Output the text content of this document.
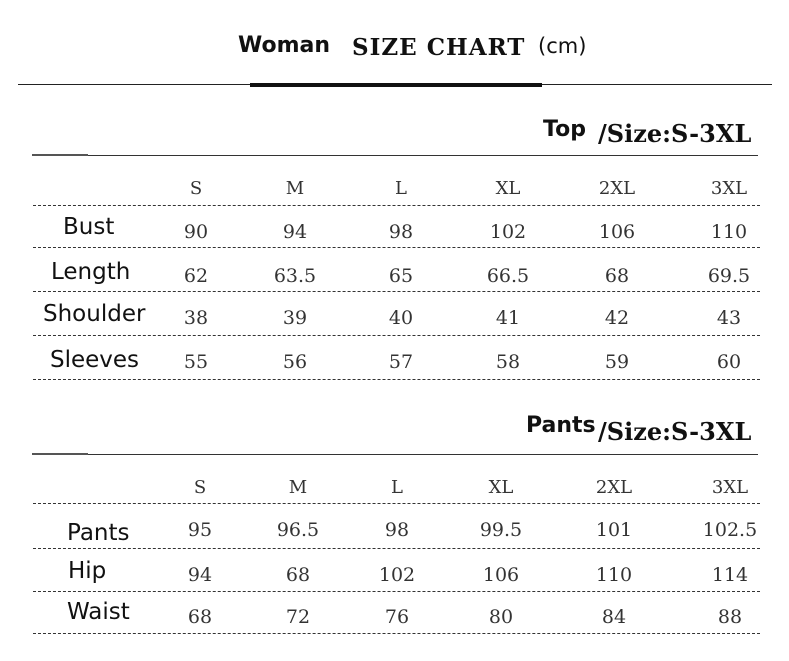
Woman SIZE CHART (cm)
Top /Size:S-3XL
S	M	L	XL	2XL	3XL
Bust	90	94	98	102	106	110
Length	62	63.5	65	66.5	68	69.5
Shoulder	38	39	40	41	42	43
Sleeves	55	56	57	58	59	60
Pants /Size:S-3XL
S	M	L	XL	2XL	3XL
Pants	95	96.5	98	99.5	101	102.5
Hip	94	68	102	106	110	114
Waist	68	72	76	80	84	88
